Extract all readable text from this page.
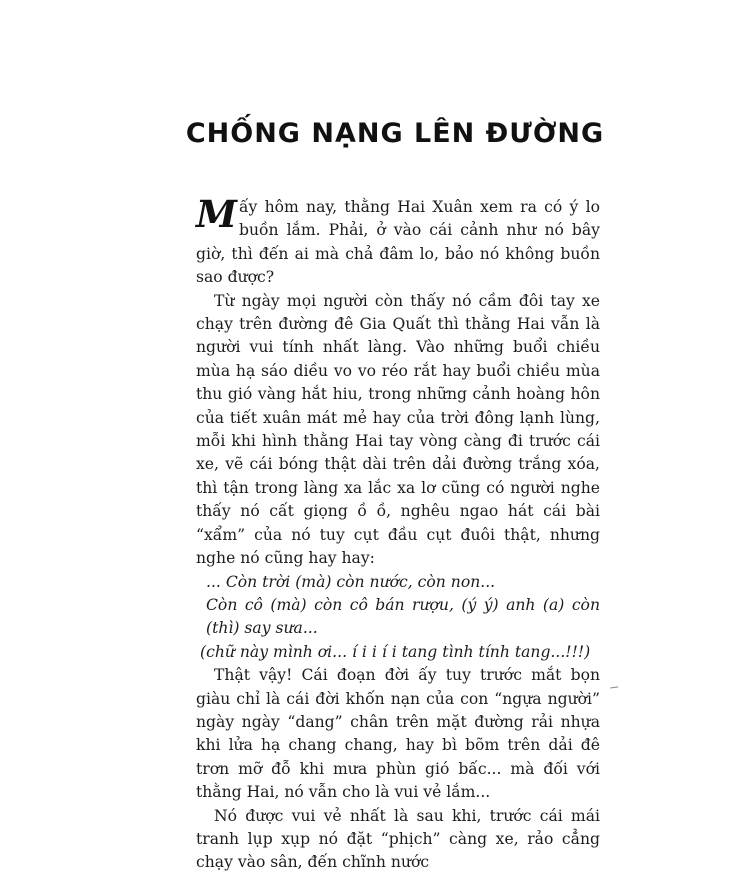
CHỐNG NẠNG LÊN ĐƯỜNG

Mấy hôm nay, thằng Hai Xuân xem ra có ý lo buồn lắm. Phải, ở vào cái cảnh như nó bây giờ, thì đến ai mà chả đâm lo, bảo nó không buồn sao được?

Từ ngày mọi người còn thấy nó cầm đôi tay xe chạy trên đường đê Gia Quất thì thằng Hai vẫn là người vui tính nhất làng. Vào những buổi chiều mùa hạ sáo diều vo vo réo rắt hay buổi chiều mùa thu gió vàng hắt hiu, trong những cảnh hoàng hôn của tiết xuân mát mẻ hay của trời đông lạnh lùng, mỗi khi hình thằng Hai tay vòng càng đi trước cái xe, vẽ cái bóng thật dài trên dải đường trắng xóa, thì tận trong làng xa lắc xa lơ cũng có người nghe thấy nó cất giọng ồ ồ, nghêu ngao hát cái bài “xẩm” của nó tuy cụt đầu cụt đuôi thật, nhưng nghe nó cũng hay hay:

... Còn trời (mà) còn nước, còn non...

Còn cô (mà) còn cô bán rượu, (ý ý) anh (a) còn (thì) say sưa...

(chữ này mình ơi... í i i í i tang tình tính tang...!!!)

Thật vậy! Cái đoạn đời ấy tuy trước mắt bọn giàu chỉ là cái đời khốn nạn của con “ngựa người” ngày ngày “dang” chân trên mặt đường rải nhựa khi lửa hạ chang chang, hay bì bõm trên dải đê trơn mỡ đỗ khi mưa phùn gió bấc... mà đối với thằng Hai, nó vẫn cho là vui vẻ lắm...

Nó được vui vẻ nhất là sau khi, trước cái mái tranh lụp xụp nó đặt “phịch” càng xe, rảo cẳng chạy vào sân, đến chĩnh nước
